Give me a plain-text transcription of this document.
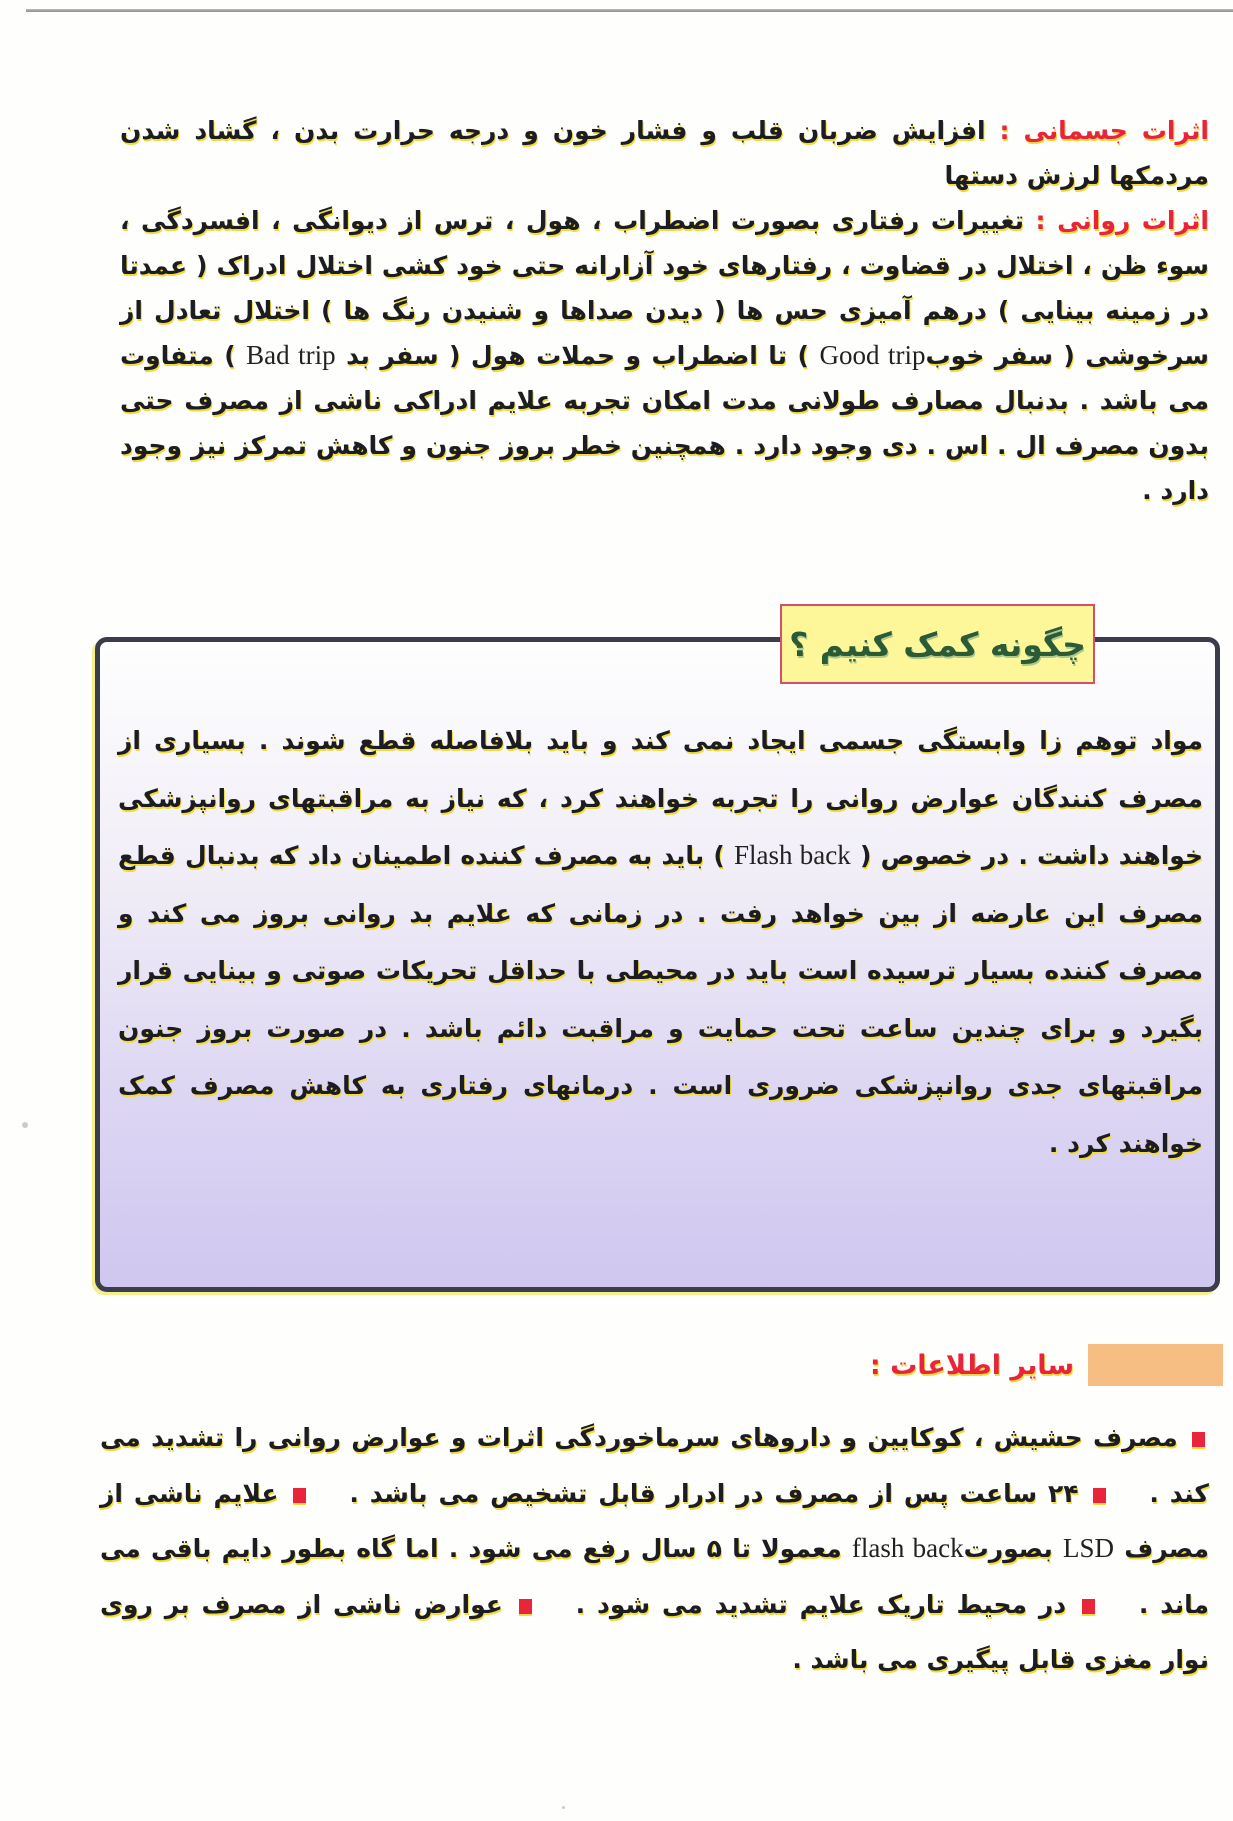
اثرات جسمانی : افزایش ضربان قلب و فشار خون و درجه حرارت بدن ، گشاد شدن مردمکها لرزش دستها
اثرات روانی : تغییرات رفتاری بصورت اضطراب ، هول ، ترس از دیوانگی ، افسردگی ، سوء ظن ، اختلال در قضاوت ، رفتارهای خود آزارانه حتی خود کشی اختلال ادراک ( عمدتا در زمینه بینایی ) درهم آمیزی حس ها ( دیدن صداها و شنیدن رنگ ها ) اختلال تعادل از سرخوشی ( سفر خوبGood trip ) تا اضطراب و حملات هول ( سفر بد Bad trip ) متفاوت می باشد . بدنبال مصارف طولانی مدت امکان تجربه علایم ادراکی ناشی از مصرف حتی بدون مصرف ال . اس . دی وجود دارد . همچنین خطر بروز جنون و کاهش تمرکز نیز وجود دارد .
چگونه کمک کنیم ؟
مواد توهم زا وابستگی جسمی ایجاد نمی کند و باید بلافاصله قطع شوند . بسیاری از مصرف کنندگان عوارض روانی را تجربه خواهند کرد ، که نیاز به مراقبتهای روانپزشکی خواهند داشت . در خصوص ( Flash back ) باید به مصرف کننده اطمینان داد که بدنبال قطع مصرف این عارضه از بین خواهد رفت . در زمانی که علایم بد روانی بروز می کند و مصرف کننده بسیار ترسیده است باید در محیطی با حداقل تحریکات صوتی و بینایی قرار بگیرد و برای چندین ساعت تحت حمایت و مراقبت دائم باشد . در صورت بروز جنون مراقبتهای جدی روانپزشکی ضروری است . درمانهای رفتاری به کاهش مصرف کمک خواهند کرد .
سایر اطلاعات :
مصرف حشیش ، کوکایین و داروهای سرماخوردگی اثرات و عوارض روانی را تشدید می کند .  ۲۴ ساعت پس از مصرف در ادرار قابل تشخیص می باشد .  علایم ناشی از مصرف LSD بصورتflash back معمولا تا ۵ سال رفع می شود . اما گاه بطور دایم باقی می ماند .  در محیط تاریک علایم تشدید می شود .  عوارض ناشی از مصرف بر روی نوار مغزی قابل پیگیری می باشد .
